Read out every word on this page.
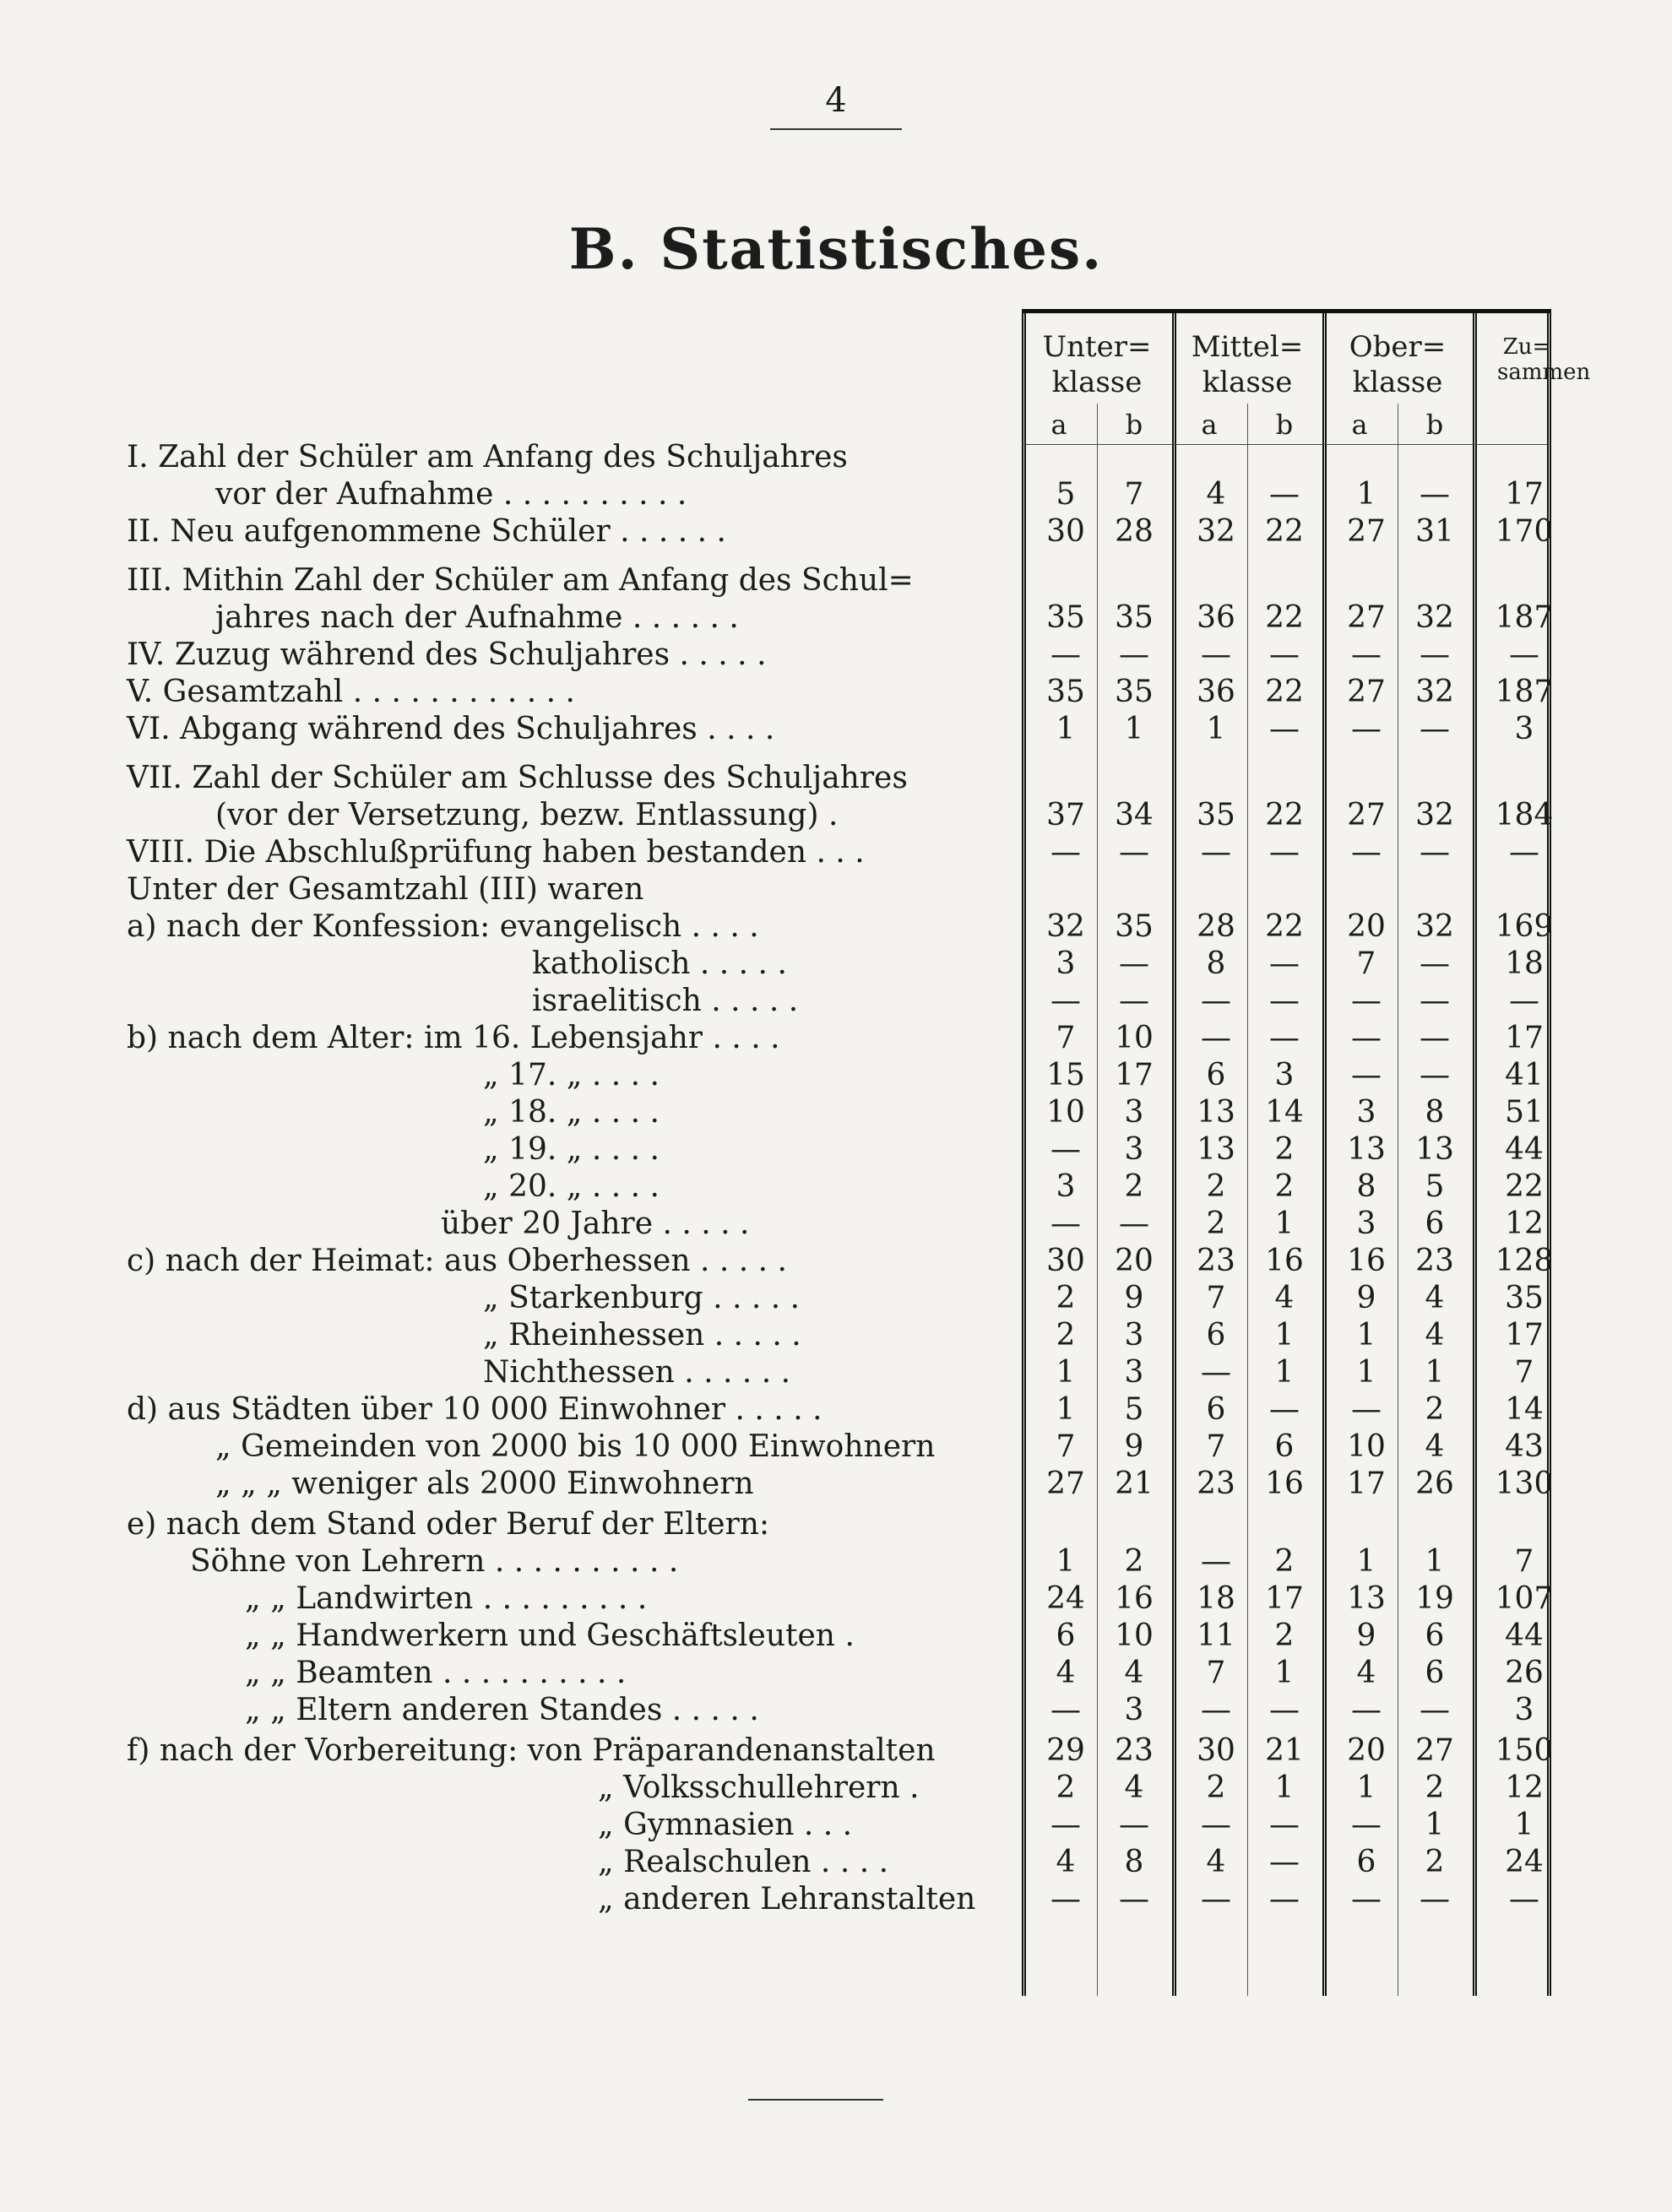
4
B. Statistisches.
Unter=
klasse
Mittel=
klasse
Ober=
klasse
Zu=
sammen
a	b	a	b	a	b
I. Zahl der Schüler am Anfang des Schuljahres
vor der Aufnahme . . . . . . . . . .	5	7	4	—	1	—	17
II. Neu aufgenommene Schüler . . . . . .	30 28	32 22	27 31	170
III. Mithin Zahl der Schüler am Anfang des Schul=
jahres nach der Aufnahme . . . . . .	35 35	36 22	27 32	187
IV. Zuzug während des Schuljahres . . . . .	—	—	—	—	—	—	—
V. Gesamtzahl . . . . . . . . . . . .	35 35	36 22	27 32	187
VI. Abgang während des Schuljahres . . . .	1	1	1	—	—	—	3
VII. Zahl der Schüler am Schlusse des Schuljahres
(vor der Versetzung, bezw. Entlassung) .	37 34	35 22	27 32	184
VIII. Die Abschlußprüfung haben bestanden . . .	—	—	—	—	—	—	—
Unter der Gesamtzahl (III) waren
a) nach der Konfession: evangelisch . . . .	32 35	28 22	20 32	169
katholisch . . . . .	3	—	8	—	7	—	18
israelitisch . . . . .	—	—	—	—	—	—	—
b) nach dem Alter: im 16. Lebensjahr . . . .	7	10	—	—	—	—	17
„ 17. „ . . . .	15 17	6	3	—	—	41
„ 18. „ . . . .	10	3	13 14	3	8	51
„ 19. „ . . . .	—	3	13	2	13 13	44
„ 20. „ . . . .	3	2	2	2	8	5	22
über 20 Jahre . . . . .	—	—	2	1	3	6	12
c) nach der Heimat: aus Oberhessen . . . . .	30 20	23 16	16 23	128
„ Starkenburg . . . . .	2	9	7	4	9	4	35
„ Rheinhessen . . . . .	2	3	6	1	1	4	17
Nichthessen . . . . . .	1	3	—	1	1	1	7
d) aus Städten über 10 000 Einwohner . . . . .	1	5	6	—	—	2	14
„ Gemeinden von 2000 bis 10 000 Einwohnern	7	9	7	6	10	4	43
„ „ „ weniger als 2000 Einwohnern	27 21	23 16	17 26	130
e) nach dem Stand oder Beruf der Eltern:
Söhne von Lehrern . . . . . . . . . .	1	2	—	2	1	1	7
„ „ Landwirten . . . . . . . . .	24 16	18 17	13 19	107
„ „ Handwerkern und Geschäftsleuten .	6	10	11	2	9	6	44
„ „ Beamten . . . . . . . . . .	4	4	7	1	4	6	26
„ „ Eltern anderen Standes . . . . .	—	3	—	—	—	—	3
f) nach der Vorbereitung: von Präparandenanstalten	29 23	30 21	20 27	150
„ Volksschullehrern .	2	4	2	1	1	2	12
„ Gymnasien . . .	—	—	—	—	—	1	1
„ Realschulen . . . .	4	8	4	—	6	2	24
„ anderen Lehranstalten	—	—	—	—	—	—	—
